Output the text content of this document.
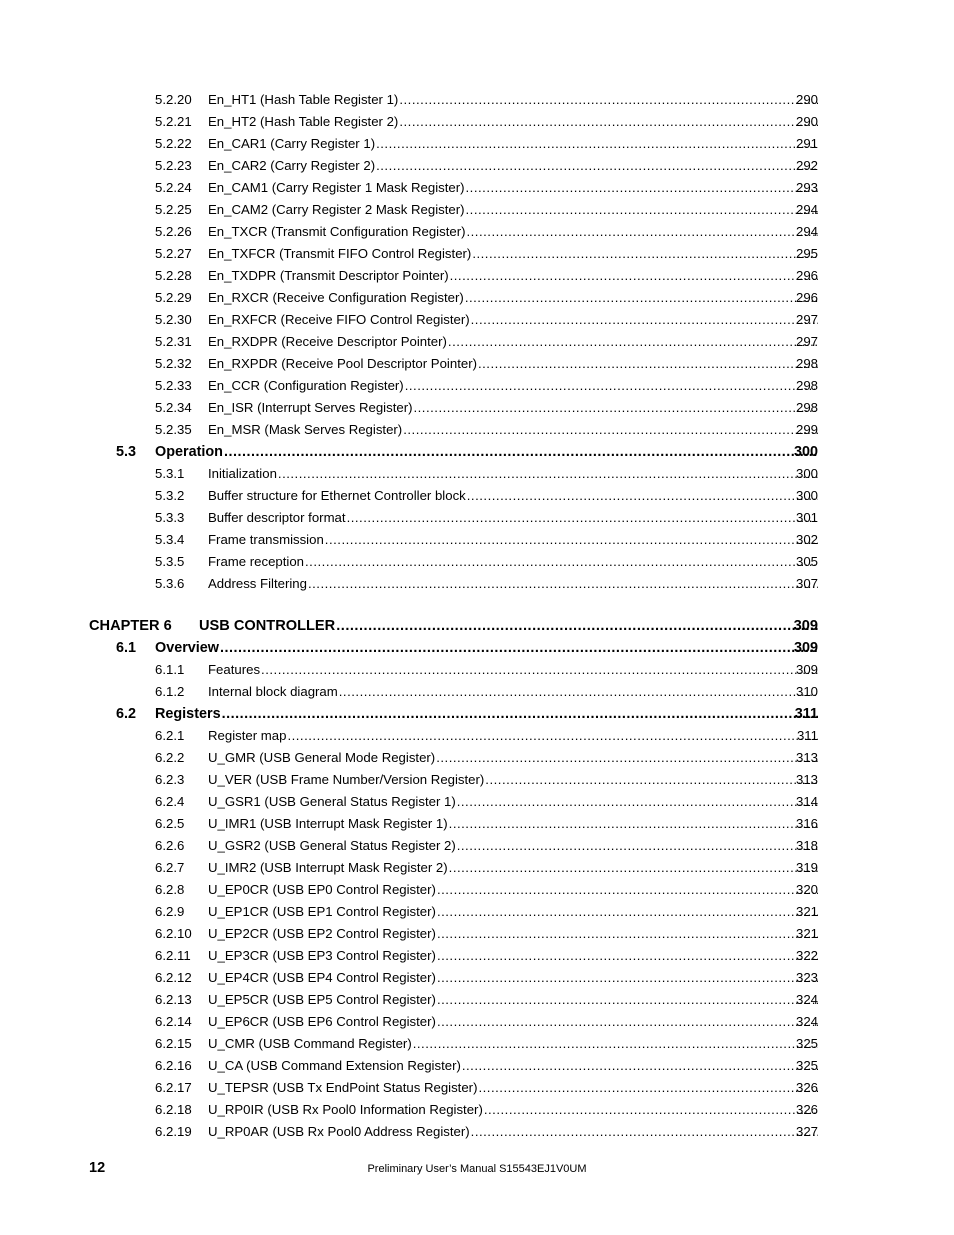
5.2.20 En_HT1 (Hash Table Register 1) .....	290
5.2.21 En_HT2 (Hash Table Register 2) .....	290
5.2.22 En_CAR1 (Carry Register 1) .....	291
5.2.23 En_CAR2 (Carry Register 2) .....	292
5.2.24 En_CAM1 (Carry Register 1 Mask Register) .....	293
5.2.25 En_CAM2 (Carry Register 2 Mask Register) .....	294
5.2.26 En_TXCR (Transmit Configuration Register) .....	294
5.2.27 En_TXFCR (Transmit FIFO Control Register) .....	295
5.2.28 En_TXDPR (Transmit Descriptor Pointer) .....	296
5.2.29 En_RXCR (Receive Configuration Register) .....	296
5.2.30 En_RXFCR (Receive FIFO Control Register) .....	297
5.2.31 En_RXDPR (Receive Descriptor Pointer) .....	297
5.2.32 En_RXPDR (Receive Pool Descriptor Pointer) .....	298
5.2.33 En_CCR (Configuration Register) .....	298
5.2.34 En_ISR (Interrupt Serves Register) .....	298
5.2.35 En_MSR (Mask Serves Register) .....	299
5.3 Operation .....	300
5.3.1 Initialization .....	300
5.3.2 Buffer structure for Ethernet Controller block .....	300
5.3.3 Buffer descriptor format .....	301
5.3.4 Frame transmission .....	302
5.3.5 Frame reception .....	305
5.3.6 Address Filtering .....	307
CHAPTER 6 USB CONTROLLER .....	309
6.1 Overview .....	309
6.1.1 Features .....	309
6.1.2 Internal block diagram .....	310
6.2 Registers .....	311
6.2.1 Register map .....	311
6.2.2 U_GMR (USB General Mode Register) .....	313
6.2.3 U_VER (USB Frame Number/Version Register) .....	313
6.2.4 U_GSR1 (USB General Status Register 1) .....	314
6.2.5 U_IMR1 (USB Interrupt Mask Register 1) .....	316
6.2.6 U_GSR2 (USB General Status Register 2) .....	318
6.2.7 U_IMR2 (USB Interrupt Mask Register 2) .....	319
6.2.8 U_EP0CR (USB EP0 Control Register) .....	320
6.2.9 U_EP1CR (USB EP1 Control Register) .....	321
6.2.10 U_EP2CR (USB EP2 Control Register) .....	321
6.2.11 U_EP3CR (USB EP3 Control Register) .....	322
6.2.12 U_EP4CR (USB EP4 Control Register) .....	323
6.2.13 U_EP5CR (USB EP5 Control Register) .....	324
6.2.14 U_EP6CR (USB EP6 Control Register) .....	324
6.2.15 U_CMR (USB Command Register) .....	325
6.2.16 U_CA (USB Command Extension Register) .....	325
6.2.17 U_TEPSR (USB Tx EndPoint Status Register) .....	326
6.2.18 U_RP0IR (USB Rx Pool0 Information Register) .....	326
6.2.19 U_RP0AR (USB Rx Pool0 Address Register) .....	327
12	Preliminary User’s Manual S15543EJ1V0UM
